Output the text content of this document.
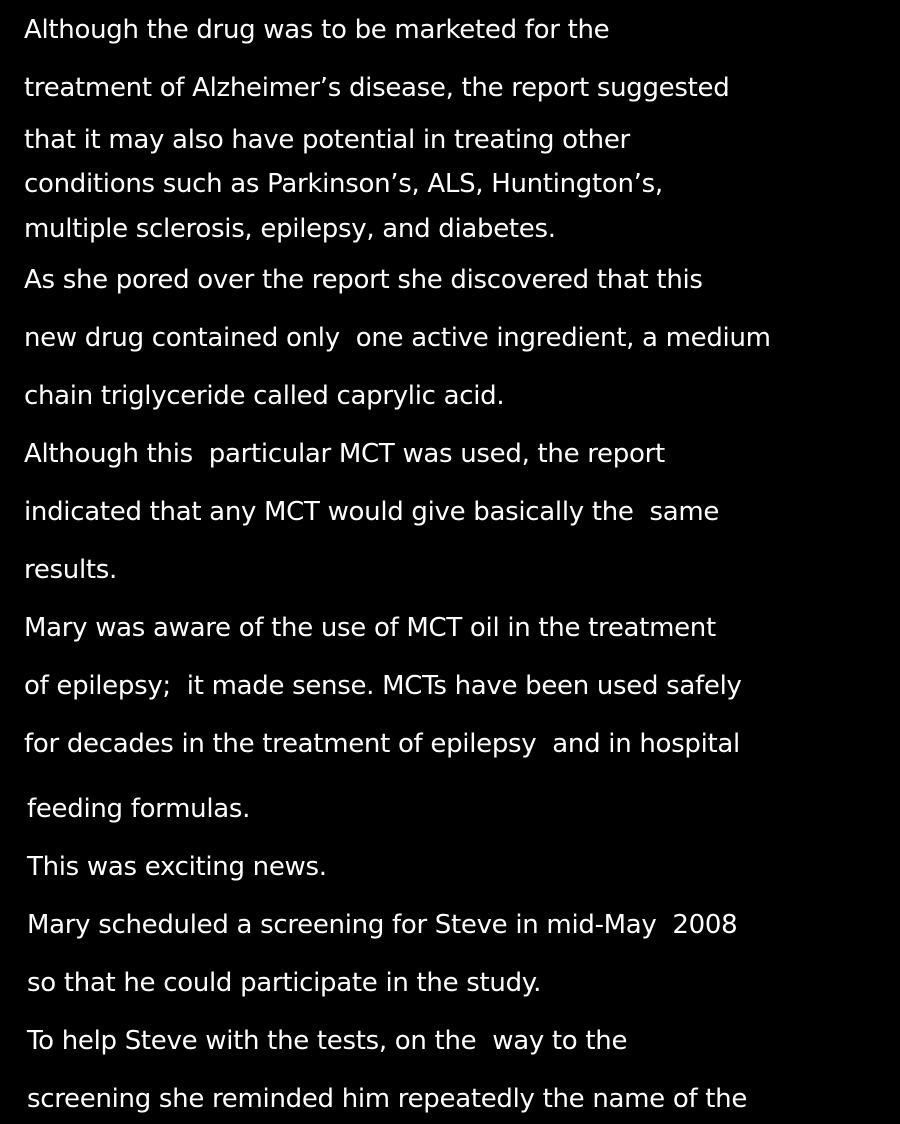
Although the drug was to be marketed for the
treatment of Alzheimer’s disease, the report suggested
that it may also have potential in treating other
conditions such as Parkinson’s, ALS, Huntington’s,
multiple sclerosis, epilepsy, and diabetes.
As she pored over the report she discovered that this
new drug contained only  one active ingredient, a medium
chain triglyceride called caprylic acid.
Although this  particular MCT was used, the report
indicated that any MCT would give basically the  same
results.
Mary was aware of the use of MCT oil in the treatment
of epilepsy;  it made sense. MCTs have been used safely
for decades in the treatment of epilepsy  and in hospital
feeding formulas.
This was exciting news.
Mary scheduled a screening for Steve in mid-May  2008
so that he could participate in the study.
To help Steve with the tests, on the  way to the
screening she reminded him repeatedly the name of the
